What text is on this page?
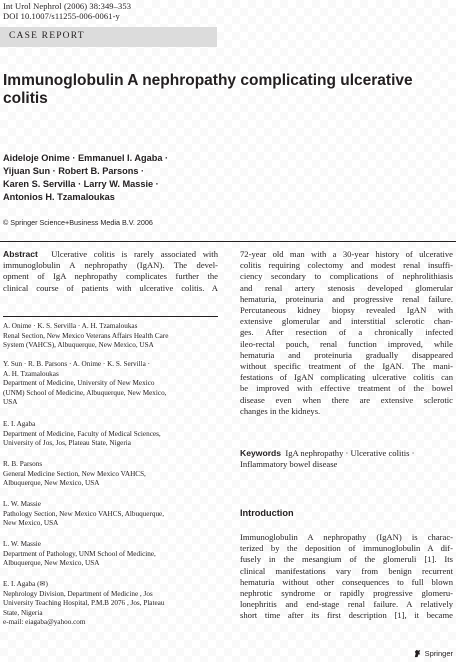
Int Urol Nephrol (2006) 38:349–353
DOI 10.1007/s11255-006-0061-y
CASE REPORT
Immunoglobulin A nephropathy complicating ulcerative
colitis
Aideloje Onime · Emmanuel I. Agaba ·
Yijuan Sun · Robert B. Parsons ·
Karen S. Servilla · Larry W. Massie ·
Antonios H. Tzamaloukas
© Springer Science+Business Media B.V. 2006
Abstract Ulcerative colitis is rarely associated with
immunoglobulin A nephropathy (IgAN). The devel-
opment of IgA nephropathy complicates further the
clinical course of patients with ulcerative colitis. A
A. Onime · K. S. Servilla · A. H. Tzamaloukas
Renal Section, New Mexico Veterans Affairs Health Care
System (VAHCS), Albuquerque, New Mexico, USA
Y. Sun · R. B. Parsons · A. Onime · K. S. Servilla ·
A. H. Tzamaloukas
Department of Medicine, University of New Mexico
(UNM) School of Medicine, Albuquerque, New Mexico,
USA
E. I. Agaba
Department of Medicine, Faculty of Medical Sciences,
University of Jos, Jos, Plateau State, Nigeria
R. B. Parsons
General Medicine Section, New Mexico VAHCS,
Albuquerque, New Mexico, USA
L. W. Massie
Pathology Section, New Mexico VAHCS, Albuquerque,
New Mexico, USA
L. W. Massie
Department of Pathology, UNM School of Medicine,
Albuquerque, New Mexico, USA
E. I. Agaba (✉)
Nephrology Division, Department of Medicine , Jos
University Teaching Hospital, P.M.B 2076 , Jos, Plateau
State, Nigeria
e-mail: eiagaba@yahoo.com
72-year old man with a 30-year history of ulcerative
colitis requiring colectomy and modest renal insuffi-
ciency secondary to complications of nephrolithiasis
and renal artery stenosis developed glomerular
hematuria, proteinuria and progressive renal failure.
Percutaneous kidney biopsy revealed IgAN with
extensive glomerular and interstitial sclerotic chan-
ges. After resection of a chronically infected
ileo-rectal pouch, renal function improved, while
hematuria and proteinuria gradually disappeared
without specific treatment of the IgAN. The mani-
festations of IgAN complicating ulcerative colitis can
be improved with effective treatment of the bowel
disease even when there are extensive sclerotic
changes in the kidneys.
Keywords IgA nephropathy · Ulcerative colitis ·
Inflammatory bowel disease
Introduction
Immunoglobulin A nephropathy (IgAN) is charac-
terized by the deposition of immunoglobulin A dif-
fusely in the mesangium of the glomeruli [1]. Its
clinical manifestations vary from benign recurrent
hematuria without other consequences to full blown
nephrotic syndrome or rapidly progressive glomeru-
lonephritis and end-stage renal failure. A relatively
short time after its first description [1], it became
Springer
